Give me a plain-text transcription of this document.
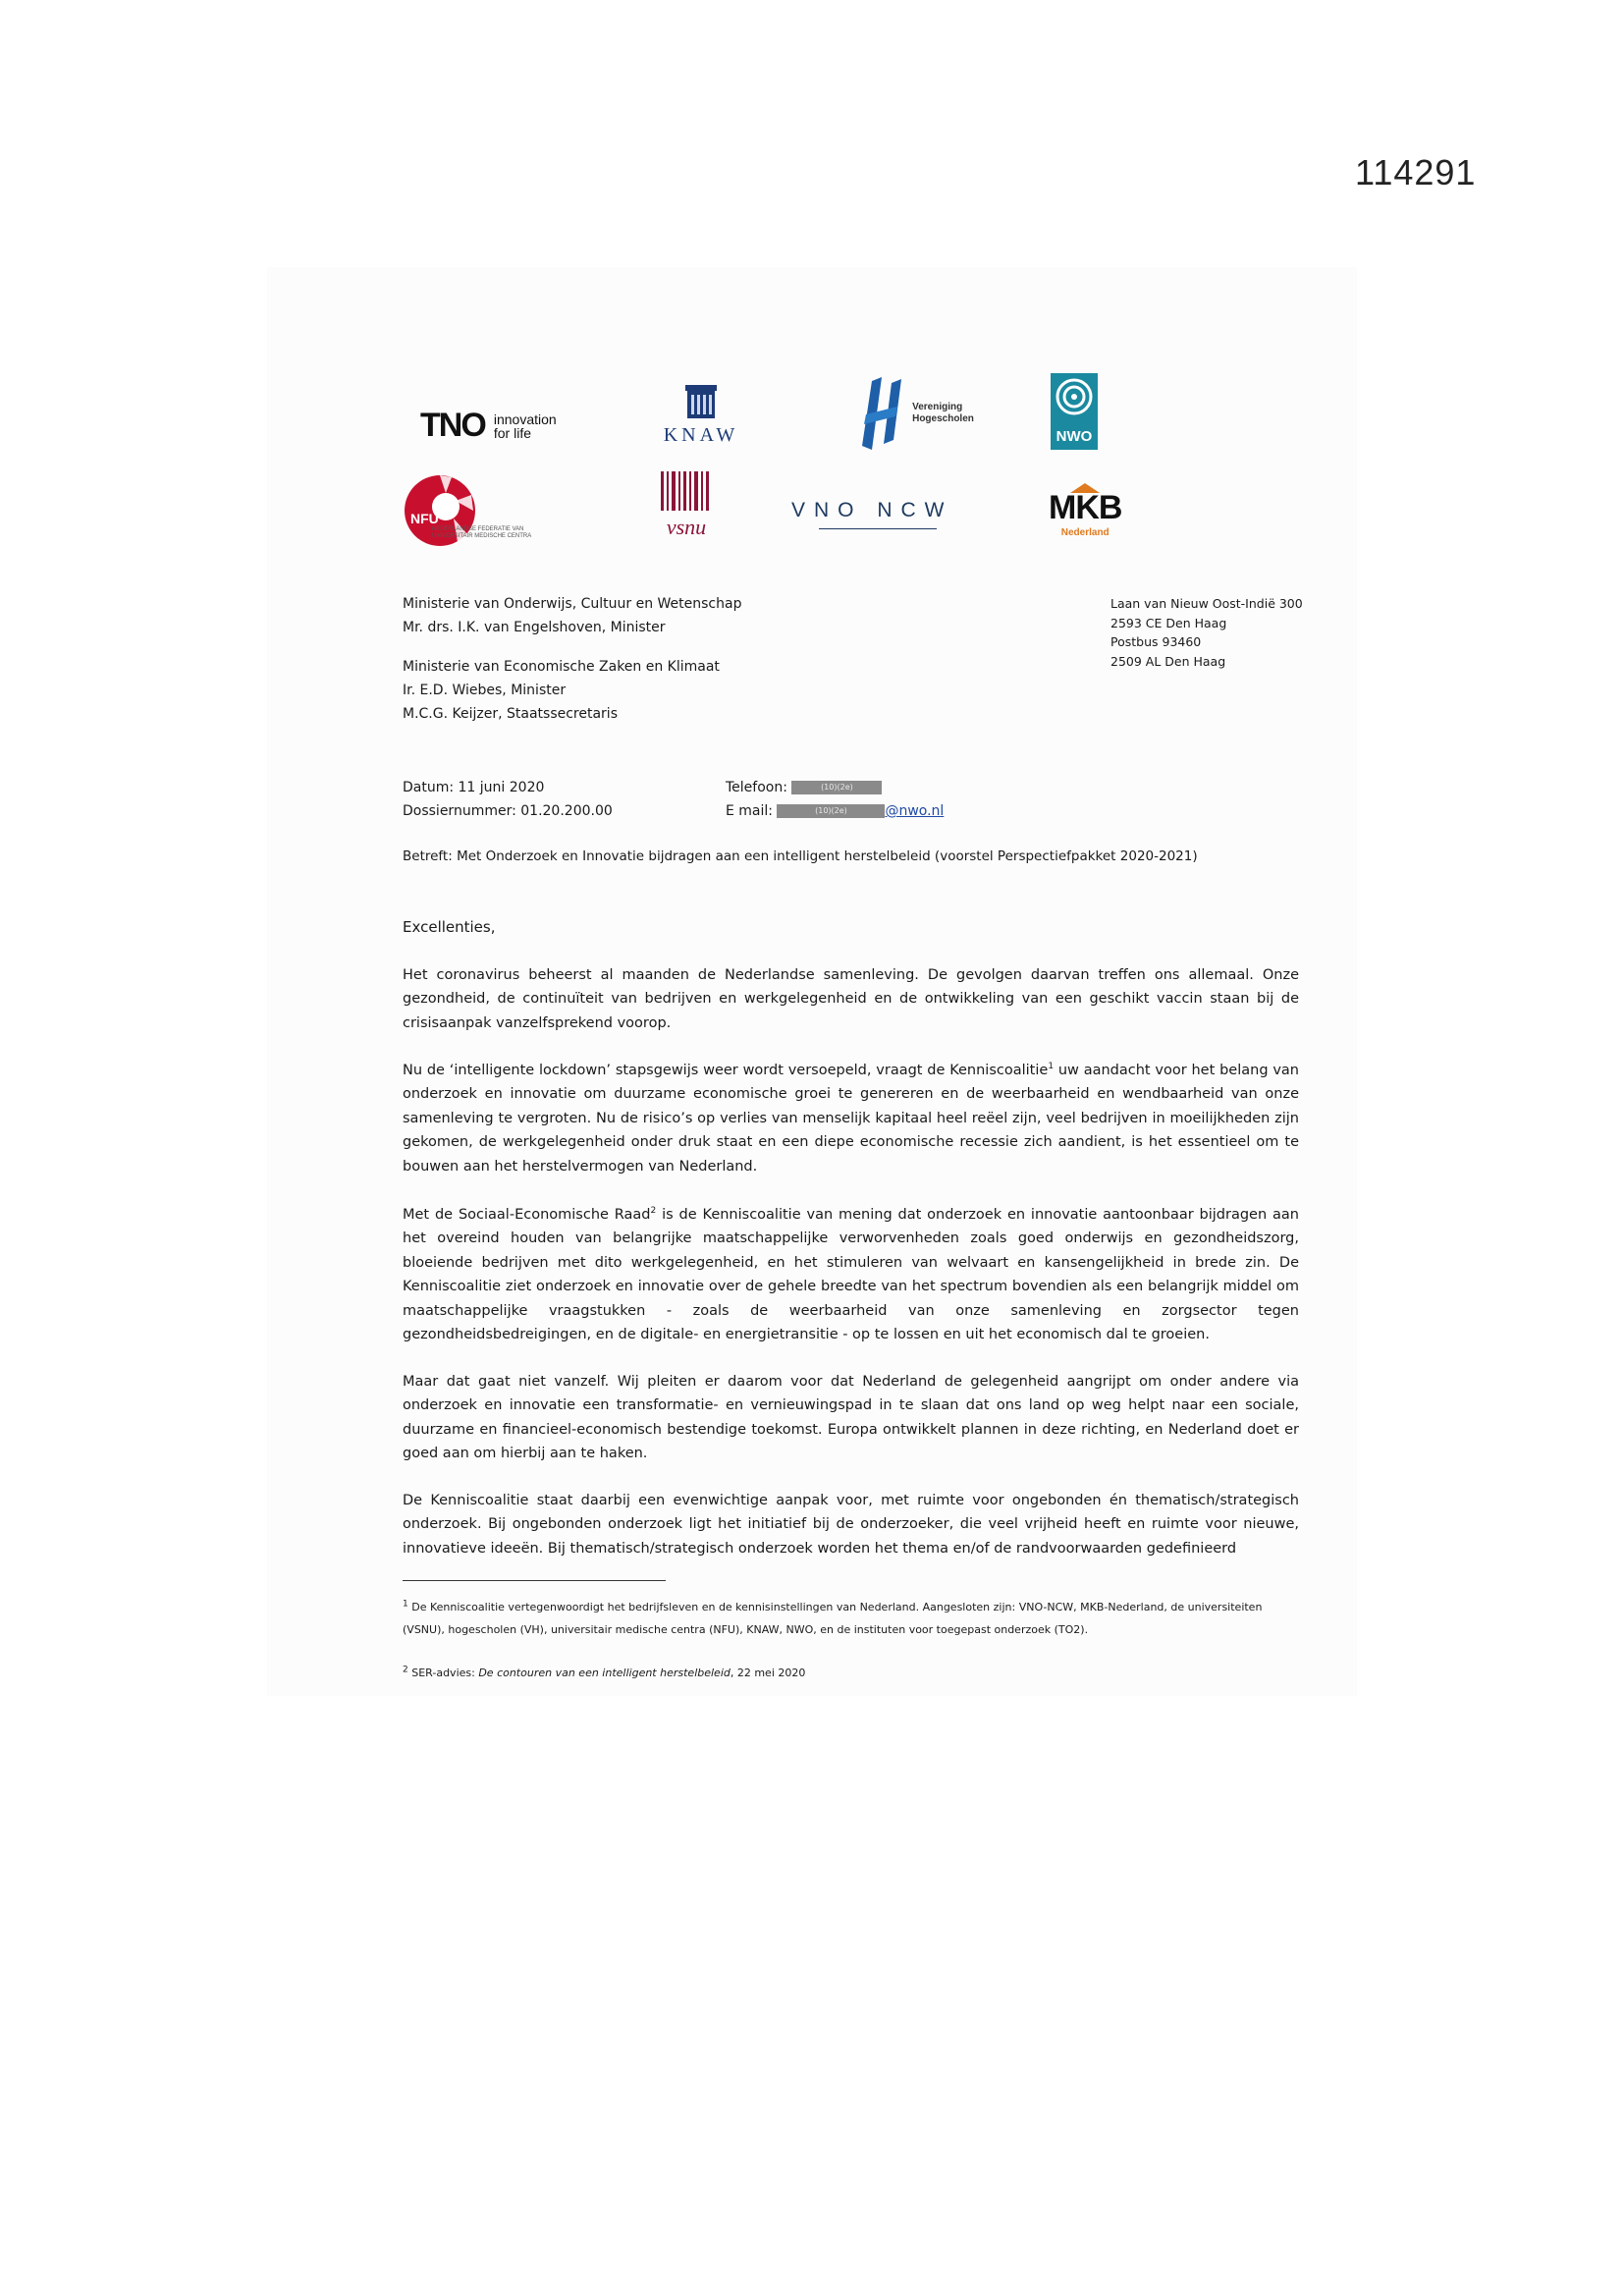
114291
TNO innovation
for life	KNAW

Vereniging
Hogescholen
NWO
NFU
NEDERLANDSE FEDERATIE VAN
UNIVERSITAIR MEDISCHE CENTRA	vsnu
VNO NCW	MKB
Nederland
Ministerie van Onderwijs, Cultuur en Wetenschap
Mr. drs. I.K. van Engelshoven, Minister
Ministerie van Economische Zaken en Klimaat
Ir. E.D. Wiebes, Minister
M.C.G. Keijzer, Staatssecretaris
Laan van Nieuw Oost-Indië 300
2593 CE Den Haag
Postbus 93460
2509 AL Den Haag
Datum: 11 juni 2020
Dossiernummer: 01.20.200.00
Telefoon:	(10)(2e)
E mail:	(10)(2e)	@nwo.nl
Betreft: Met Onderzoek en Innovatie bijdragen aan een intelligent herstelbeleid (voorstel Perspectiefpakket 2020-2021)
Excellenties,

Het coronavirus beheerst al maanden de Nederlandse samenleving. De gevolgen daarvan treffen ons allemaal. Onze gezondheid, de continuïteit van bedrijven en werkgelegenheid en de ontwikkeling van een geschikt vaccin staan bij de crisisaanpak vanzelfsprekend voorop.

Nu de ‘intelligente lockdown’ stapsgewijs weer wordt versoepeld, vraagt de Kenniscoalitie$^1$ uw aandacht voor het belang van onderzoek en innovatie om duurzame economische groei te genereren en de weerbaarheid en wendbaarheid van onze samenleving te vergroten. Nu de risico’s op verlies van menselijk kapitaal heel reëel zijn, veel bedrijven in moeilijkheden zijn gekomen, de werkgelegenheid onder druk staat en een diepe economische recessie zich aandient, is het essentieel om te bouwen aan het herstelvermogen van Nederland.

Met de Sociaal-Economische Raad$^2$ is de Kenniscoalitie van mening dat onderzoek en innovatie aantoonbaar bijdragen aan het overeind houden van belangrijke maatschappelijke verworvenheden zoals goed onderwijs en gezondheidszorg, bloeiende bedrijven met dito werkgelegenheid, en het stimuleren van welvaart en kansengelijkheid in brede zin. De Kenniscoalitie ziet onderzoek en innovatie over de gehele breedte van het spectrum bovendien als een belangrijk middel om maatschappelijke vraagstukken - zoals de weerbaarheid van onze samenleving en zorgsector tegen gezondheidsbedreigingen, en de digitale- en energietransitie - op te lossen en uit het economisch dal te groeien.

Maar dat gaat niet vanzelf. Wij pleiten er daarom voor dat Nederland de gelegenheid aangrijpt om onder andere via onderzoek en innovatie een transformatie- en vernieuwingspad in te slaan dat ons land op weg helpt naar een sociale, duurzame en financieel-economisch bestendige toekomst. Europa ontwikkelt plannen in deze richting, en Nederland doet er goed aan om hierbij aan te haken.

De Kenniscoalitie staat daarbij een evenwichtige aanpak voor, met ruimte voor ongebonden én thematisch/strategisch onderzoek. Bij ongebonden onderzoek ligt het initiatief bij de onderzoeker, die veel vrijheid heeft en ruimte voor nieuwe, innovatieve ideeën. Bij thematisch/strategisch onderzoek worden het thema en/of de randvoorwaarden gedefinieerd

$^1$ De Kenniscoalitie vertegenwoordigt het bedrijfsleven en de kennisinstellingen van Nederland. Aangesloten zijn: VNO-NCW, MKB-Nederland, de universiteiten (VSNU), hogescholen (VH), universitair medische centra (NFU), KNAW, NWO, en de instituten voor toegepast onderzoek (TO2).
$^2$ SER-advies: De contouren van een intelligent herstelbeleid, 22 mei 2020
